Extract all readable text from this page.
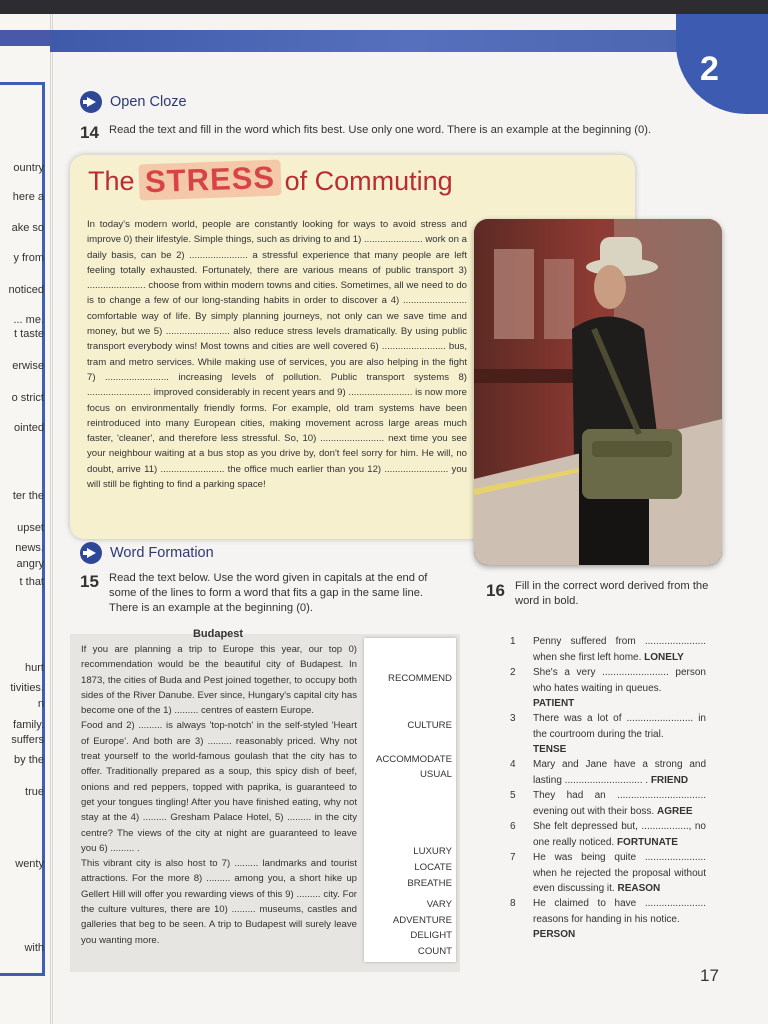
ountry
here a
ake so
y from
noticed
... me.
t taste
erwise
o strict
ointed
ter the
upset
news.
angry
t that
hurt
tivities.
n
family.
suffers
by the
true
wenty
with
2
Open Cloze
14 Read the text and fill in the word which fits best. Use only one word. There is an example at the beginning (0).
The STRESS of Commuting
In today's modern world, people are constantly looking for ways to avoid stress and improve 0) their lifestyle. Simple things, such as driving to and 1) ...................... work on a daily basis, can be 2) ...................... a stressful experience that many people are left feeling totally exhausted. Fortunately, there are various means of public transport 3) ...................... choose from within modern towns and cities. Sometimes, all we need to do is to change a few of our long-standing habits in order to discover a 4) ........................ comfortable way of life. By simply planning journeys, not only can we save time and money, but we 5) ........................ also reduce stress levels dramatically. By using public transport everybody wins! Most towns and cities are well covered 6) ........................ bus, tram and metro services. While making use of services, you are also helping in the fight 7) ........................ increasing levels of pollution. Public transport systems 8) ........................ improved considerably in recent years and 9) ........................ is now more focus on environmentally friendly forms. For example, old tram systems have been reintroduced into many European cities, making movement across large areas much faster, 'cleaner', and therefore less stressful. So, 10) ........................ next time you see your neighbour waiting at a bus stop as you drive by, don't feel sorry for him. He will, no doubt, arrive 11) ........................ the office much earlier than you 12) ........................ you will still be fighting to find a parking space!
Word Formation
15 Read the text below. Use the word given in capitals at the end of some of the lines to form a word that fits a gap in the same line. There is an example at the beginning (0).
Budapest

If you are planning a trip to Europe this year, our top 0) recommendation would be the beautiful city of Budapest. In 1873, the cities of Buda and Pest joined together, to occupy both sides of the River Danube. Ever since, Hungary's capital city has become one of the 1) ......... centres of eastern Europe.

Food and 2) ......... is always 'top-notch' in the self-styled 'Heart of Europe'. And both are 3) ......... reasonably priced. Why not treat yourself to the world-famous goulash that the city has to offer. Traditionally prepared as a soup, this spicy dish of beef, onions and red peppers, topped with paprika, is guaranteed to get your tongues tingling! After you have finished eating, why not stay at the 4) ......... Gresham Palace Hotel, 5) ......... in the city centre? The views of the city at night are guaranteed to leave you 6) ......... .

This vibrant city is also host to 7) ......... landmarks and tourist attractions. For the more 8) ......... among you, a short hike up Gellert Hill will offer you rewarding views of this 9) ......... city. For the culture vultures, there are 10) ......... museums, castles and galleries that beg to be seen. A trip to Budapest will surely leave you wanting more.

RECOMMEND
CULTURE
ACCOMMODATE
USUAL
LUXURY
LOCATE
BREATHE
VARY
ADVENTURE
DELIGHT
COUNT
16 Fill in the correct word derived from the word in bold.
1 Penny suffered from ...................... when she first left home. LONELY
2 She's a very ........................ person who hates waiting in queues.
PATIENT
3 There was a lot of ........................ in the courtroom during the trial.
TENSE
4 Mary and Jane have a strong and lasting ............................ . FRIEND
5 They had an ................................ evening out with their boss. AGREE
6 She felt depressed but, ................., no one really noticed. FORTUNATE
7 He was being quite ...................... when he rejected the proposal without even discussing it. REASON
8 He claimed to have ...................... reasons for handing in his notice.
PERSON
17
